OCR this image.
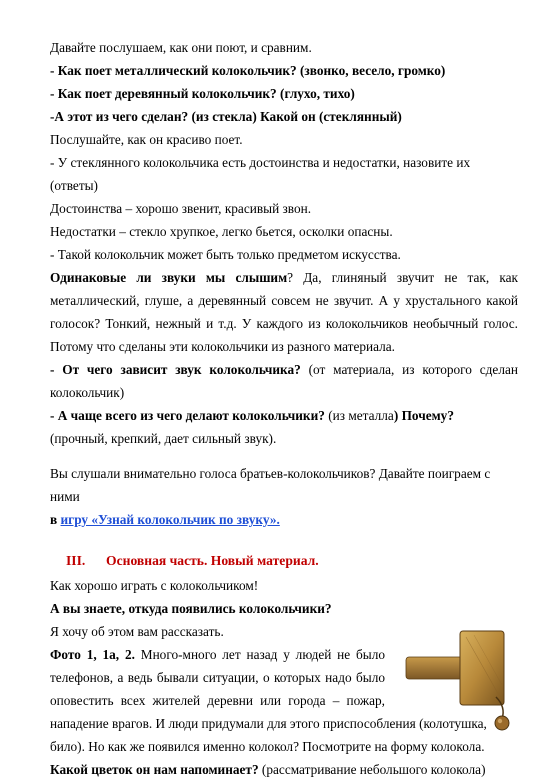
Давайте послушаем, как они поют, и сравним.

- Как поет металлический колокольчик? (звонко, весело, громко)

- Как поет деревянный колокольчик? (глухо, тихо)

-А этот из чего сделан? (из стекла) Какой он (стеклянный)

Послушайте, как он красиво поет.

- У стеклянного колокольчика есть достоинства и недостатки, назовите их (ответы)

Достоинства – хорошо звенит, красивый звон.

Недостатки – стекло хрупкое, легко бьется, осколки опасны.

- Такой колокольчик может быть только предметом искусства.

Одинаковые ли звуки мы слышим? Да, глиняный звучит не так, как металлический, глуше, а деревянный совсем не звучит. А у хрустального какой голосок? Тонкий, нежный и т.д. У каждого из колокольчиков необычный голос. Потому что сделаны эти колокольчики из разного материала.

- От чего зависит звук колокольчика? (от материала, из которого сделан колокольчик)

- А чаще всего из чего делают колокольчики? (из металла) Почему?

(прочный, крепкий, дает сильный звук).

Вы слушали внимательно голоса братьев-колокольчиков? Давайте поиграем с ними

в игру «Узнай колокольчик по звуку».

III. Основная часть. Новый материал.

Как хорошо играть с колокольчиком!

А вы знаете, откуда появились колокольчики?

Я хочу об этом вам рассказать.

Фото 1, 1а, 2. Много-много лет назад у людей не было телефонов, а ведь бывали ситуации, о которых надо было оповестить всех жителей деревни или города – пожар,

нападение врагов. И люди придумали для этого приспособления (колотушка, било). Но как же появился именно колокол? Посмотрите на форму колокола.

Какой цветок он нам напоминает? (рассматривание небольшого колокола)
